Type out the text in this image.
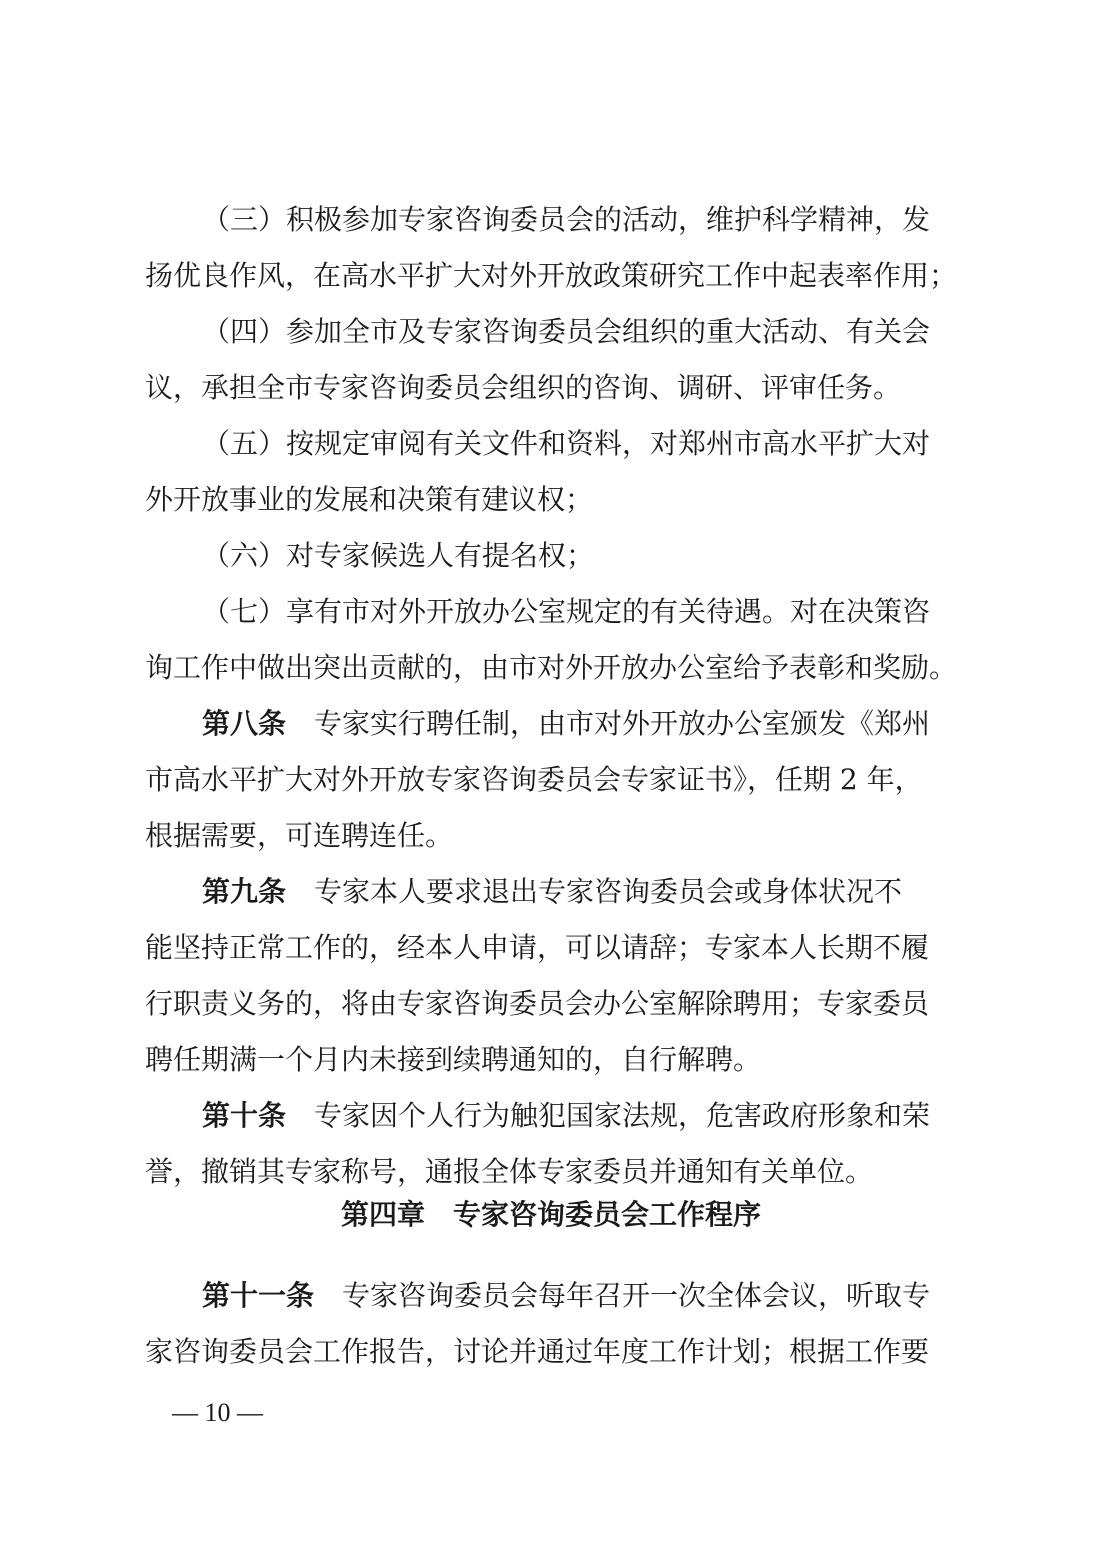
（三）积极参加专家咨询委员会的活动，维护科学精神，发
扬优良作风，在高水平扩大对外开放政策研究工作中起表率作用；
（四）参加全市及专家咨询委员会组织的重大活动、有关会
议，承担全市专家咨询委员会组织的咨询、调研、评审任务。
（五）按规定审阅有关文件和资料，对郑州市高水平扩大对
外开放事业的发展和决策有建议权；
（六）对专家候选人有提名权；
（七）享有市对外开放办公室规定的有关待遇。对在决策咨
询工作中做出突出贡献的，由市对外开放办公室给予表彰和奖励。
第八条 专家实行聘任制，由市对外开放办公室颁发《郑州
市高水平扩大对外开放专家咨询委员会专家证书》，任期 2 年，
根据需要，可连聘连任。
第九条 专家本人要求退出专家咨询委员会或身体状况不
能坚持正常工作的，经本人申请，可以请辞；专家本人长期不履
行职责义务的，将由专家咨询委员会办公室解除聘用；专家委员
聘任期满一个月内未接到续聘通知的，自行解聘。
第十条 专家因个人行为触犯国家法规，危害政府形象和荣
誉，撤销其专家称号，通报全体专家委员并通知有关单位。
第四章 专家咨询委员会工作程序
第十一条 专家咨询委员会每年召开一次全体会议，听取专
家咨询委员会工作报告，讨论并通过年度工作计划；根据工作要
— 10 —
